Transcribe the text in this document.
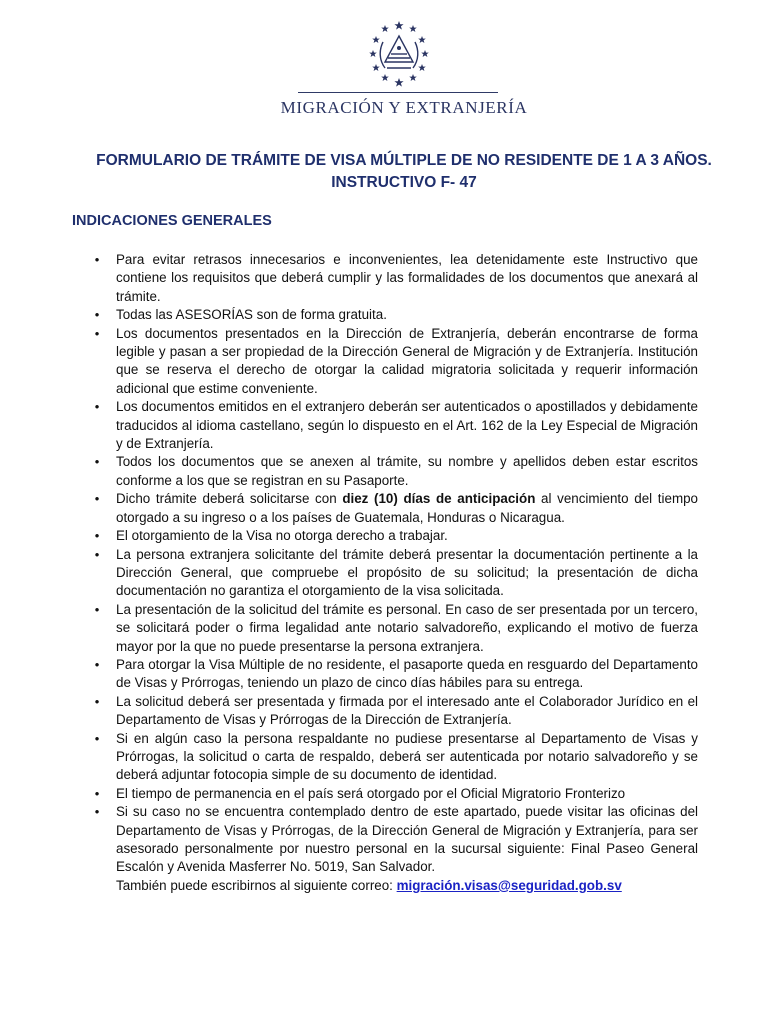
MIGRACIÓN Y EXTRANJERÍA
FORMULARIO DE TRÁMITE DE VISA MÚLTIPLE DE NO RESIDENTE DE 1 A 3 AÑOS.
INSTRUCTIVO F- 47
INDICACIONES GENERALES
• Para evitar retrasos innecesarios e inconvenientes, lea detenidamente este Instructivo que contiene los requisitos que deberá cumplir y las formalidades de los documentos que anexará al trámite.
• Todas las ASESORÍAS son de forma gratuita.
• Los documentos presentados en la Dirección de Extranjería, deberán encontrarse de forma legible y pasan a ser propiedad de la Dirección General de Migración y de Extranjería. Institución que se reserva el derecho de otorgar la calidad migratoria solicitada y requerir información adicional que estime conveniente.
• Los documentos emitidos en el extranjero deberán ser autenticados o apostillados y debidamente traducidos al idioma castellano, según lo dispuesto en el Art. 162 de la Ley Especial de Migración y de Extranjería.
• Todos los documentos que se anexen al trámite, su nombre y apellidos deben estar escritos conforme a los que se registran en su Pasaporte.
• Dicho trámite deberá solicitarse con diez (10) días de anticipación al vencimiento del tiempo otorgado a su ingreso o a los países de Guatemala, Honduras o Nicaragua.
• El otorgamiento de la Visa no otorga derecho a trabajar.
• La persona extranjera solicitante del trámite deberá presentar la documentación pertinente a la Dirección General, que compruebe el propósito de su solicitud; la presentación de dicha documentación no garantiza el otorgamiento de la visa solicitada.
• La presentación de la solicitud del trámite es personal. En caso de ser presentada por un tercero, se solicitará poder o firma legalidad ante notario salvadoreño, explicando el motivo de fuerza mayor por la que no puede presentarse la persona extranjera.
• Para otorgar la Visa Múltiple de no residente, el pasaporte queda en resguardo del Departamento de Visas y Prórrogas, teniendo un plazo de cinco días hábiles para su entrega.
• La solicitud deberá ser presentada y firmada por el interesado ante el Colaborador Jurídico en el Departamento de Visas y Prórrogas de la Dirección de Extranjería.
• Si en algún caso la persona respaldante no pudiese presentarse al Departamento de Visas y Prórrogas, la solicitud o carta de respaldo, deberá ser autenticada por notario salvadoreño y se deberá adjuntar fotocopia simple de su documento de identidad.
• El tiempo de permanencia en el país será otorgado por el Oficial Migratorio Fronterizo
• Si su caso no se encuentra contemplado dentro de este apartado, puede visitar las oficinas del Departamento de Visas y Prórrogas, de la Dirección General de Migración y Extranjería, para ser asesorado personalmente por nuestro personal en la sucursal siguiente: Final Paseo General Escalón y Avenida Masferrer No. 5019, San Salvador.
También puede escribirnos al siguiente correo: migración.visas@seguridad.gob.sv
